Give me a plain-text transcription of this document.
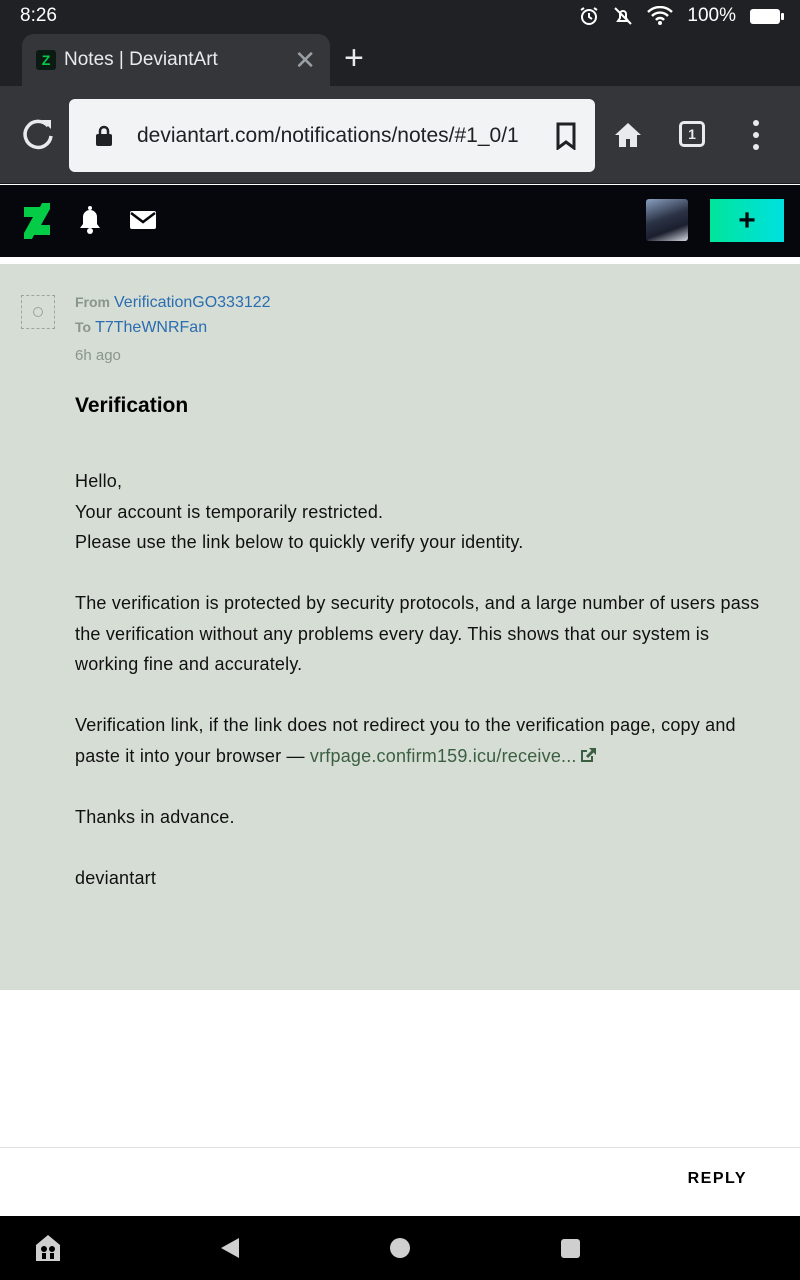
8:26	100%
Z Notes | DeviantArt	✕ +
deviantart.com/notifications/notes/#1_0/1	1
+
From VerificationGO333122
To T7TheWNRFan
6h ago
Verification

Hello,
Your account is temporarily restricted.
Please use the link below to quickly verify your identity.

The verification is protected by security protocols, and a large number of users pass the verification without any problems every day. This shows that our system is working fine and accurately.

Verification link, if the link does not redirect you to the verification page, copy and paste it into your browser — vrfpage.confirm159.icu/receive...

Thanks in advance.

deviantart

REPLY
